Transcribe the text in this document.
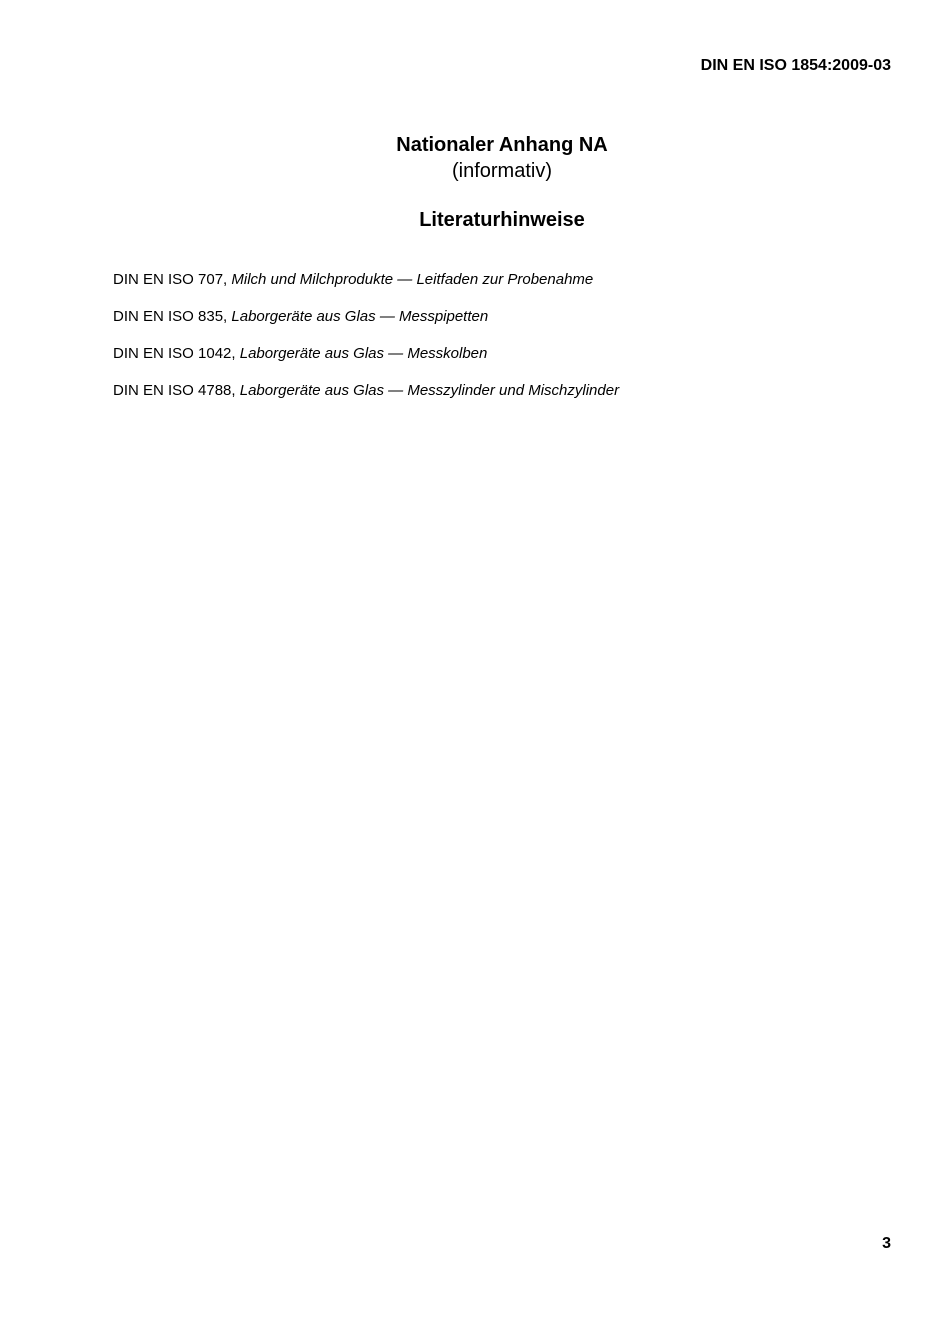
DIN EN ISO 1854:2009-03
Nationaler Anhang NA
(informativ)
Literaturhinweise
DIN EN ISO 707, Milch und Milchprodukte — Leitfaden zur Probenahme
DIN EN ISO 835, Laborgeräte aus Glas — Messpipetten
DIN EN ISO 1042, Laborgeräte aus Glas — Messkolben
DIN EN ISO 4788, Laborgeräte aus Glas — Messzylinder und Mischzylinder
3
